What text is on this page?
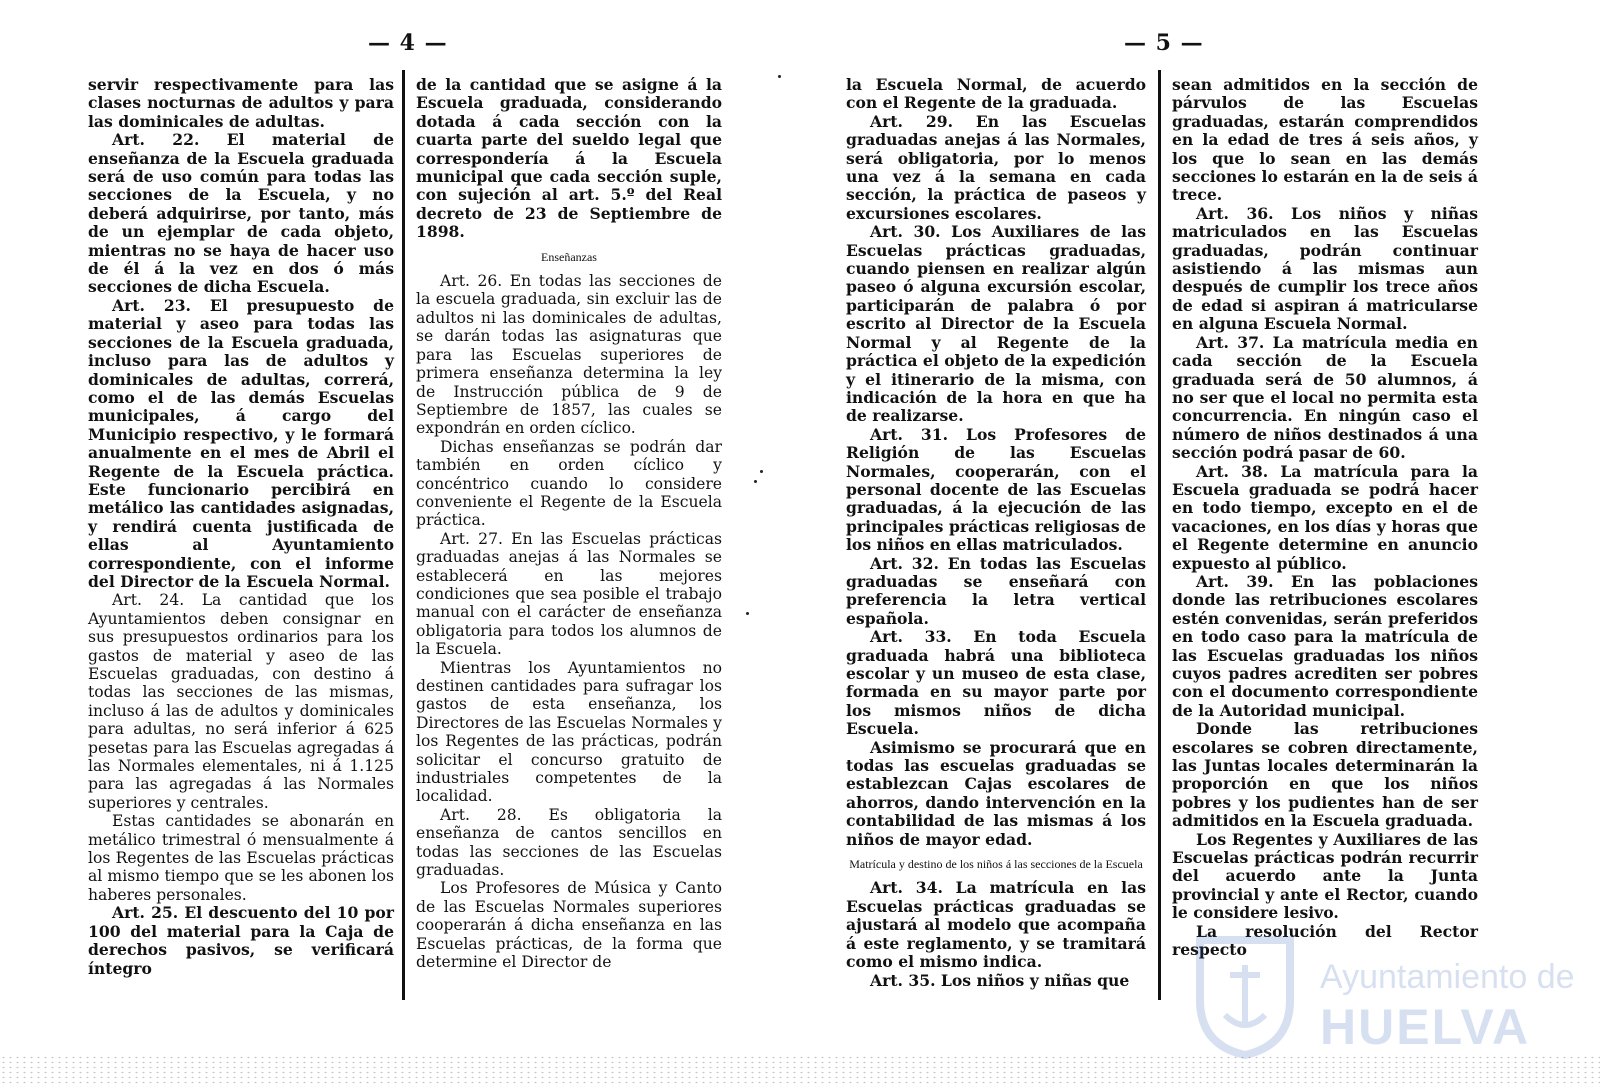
— 4 —	— 5 —

servir respectivamente para las clases nocturnas de adultos y para las dominicales de adultas.

Art. 22. El material de enseñanza de la Escuela graduada será de uso común para todas las secciones de la Escuela, y no deberá adquirirse, por tanto, más de un ejemplar de cada objeto, mientras no se haya de hacer uso de él á la vez en dos ó más secciones de dicha Escuela.

Art. 23. El presupuesto de material y aseo para todas las secciones de la Escuela graduada, incluso para las de adultos y dominicales de adultas, correrá, como el de las demás Escuelas municipales, á cargo del Municipio respectivo, y le formará anualmente en el mes de Abril el Regente de la Escuela práctica. Este funcionario percibirá en metálico las cantidades asignadas, y rendirá cuenta justificada de ellas al Ayuntamiento correspondiente, con el informe del Director de la Escuela Normal.

Art. 24. La cantidad que los Ayuntamientos deben consignar en sus presupuestos ordinarios para los gastos de material y aseo de las Escuelas graduadas, con destino á todas las secciones de las mismas, incluso á las de adultos y dominicales para adultas, no será inferior á 625 pesetas para las Escuelas agregadas á las Normales elementales, ni á 1.125 para las agregadas á las Normales superiores y centrales.

Estas cantidades se abonarán en metálico trimestral ó mensualmente á los Regentes de las Escuelas prácticas al mismo tiempo que se les abonen los haberes personales.

Art. 25. El descuento del 10 por 100 del material para la Caja de derechos pasivos, se verificará íntegro

de la cantidad que se asigne á la Escuela graduada, considerando dotada á cada sección con la cuarta parte del sueldo legal que correspondería á la Escuela municipal que cada sección suple, con sujeción al art. 5.º del Real decreto de 23 de Septiembre de 1898.

Enseñanzas

Art. 26. En todas las secciones de la escuela graduada, sin excluir las de adultos ni las dominicales de adultas, se darán todas las asignaturas que para las Escuelas superiores de primera enseñanza determina la ley de Instrucción pública de 9 de Septiembre de 1857, las cuales se expondrán en orden cíclico.

Dichas enseñanzas se podrán dar también en orden cíclico y concéntrico cuando lo considere conveniente el Regente de la Escuela práctica.

Art. 27. En las Escuelas prácticas graduadas anejas á las Normales se establecerá en las mejores condiciones que sea posible el trabajo manual con el carácter de enseñanza obligatoria para todos los alumnos de la Escuela.

Mientras los Ayuntamientos no destinen cantidades para sufragar los gastos de esta enseñanza, los Directores de las Escuelas Normales y los Regentes de las prácticas, podrán solicitar el concurso gratuito de industriales competentes de la localidad.

Art. 28. Es obligatoria la enseñanza de cantos sencillos en todas las secciones de las Escuelas graduadas.

Los Profesores de Música y Canto de las Escuelas Normales superiores cooperarán á dicha enseñanza en las Escuelas prácticas, de la forma que determine el Director de

la Escuela Normal, de acuerdo con el Regente de la graduada.

Art. 29. En las Escuelas graduadas anejas á las Normales, será obligatoria, por lo menos una vez á la semana en cada sección, la práctica de paseos y excursiones escolares.

Art. 30. Los Auxiliares de las Escuelas prácticas graduadas, cuando piensen en realizar algún paseo ó alguna excursión escolar, participarán de palabra ó por escrito al Director de la Escuela Normal y al Regente de la práctica el objeto de la expedición y el itinerario de la misma, con indicación de la hora en que ha de realizarse.

Art. 31. Los Profesores de Religión de las Escuelas Normales, cooperarán, con el personal docente de las Escuelas graduadas, á la ejecución de las principales prácticas religiosas de los niños en ellas matriculados.

Art. 32. En todas las Escuelas graduadas se enseñará con preferencia la letra vertical española.

Art. 33. En toda Escuela graduada habrá una biblioteca escolar y un museo de esta clase, formada en su mayor parte por los mismos niños de dicha Escuela.

Asimismo se procurará que en todas las escuelas graduadas se establezcan Cajas escolares de ahorros, dando intervención en la contabilidad de las mismas á los niños de mayor edad.

Matrícula y destino de los niños á las secciones de la Escuela

Art. 34. La matrícula en las Escuelas prácticas graduadas se ajustará al modelo que acompaña á este reglamento, y se tramitará como el mismo indica.

Art. 35. Los niños y niñas que

sean admitidos en la sección de párvulos de las Escuelas graduadas, estarán comprendidos en la edad de tres á seis años, y los que lo sean en las demás secciones lo estarán en la de seis á trece.

Art. 36. Los niños y niñas matriculados en las Escuelas graduadas, podrán continuar asistiendo á las mismas aun después de cumplir los trece años de edad si aspiran á matricularse en alguna Escuela Normal.

Art. 37. La matrícula media en cada sección de la Escuela graduada será de 50 alumnos, á no ser que el local no permita esta concurrencia. En ningún caso el número de niños destinados á una sección podrá pasar de 60.

Art. 38. La matrícula para la Escuela graduada se podrá hacer en todo tiempo, excepto en el de vacaciones, en los días y horas que el Regente determine en anuncio expuesto al público.

Art. 39. En las poblaciones donde las retribuciones escolares estén convenidas, serán preferidos en todo caso para la matrícula de las Escuelas graduadas los niños cuyos padres acrediten ser pobres con el documento correspondiente de la Autoridad municipal.

Donde las retribuciones escolares se cobren directamente, las Juntas locales determinarán la proporción en que los niños pobres y los pudientes han de ser admitidos en la Escuela graduada.

Los Regentes y Auxiliares de las Escuelas prácticas podrán recurrir del acuerdo ante la Junta provincial y ante el Rector, cuando le considere lesivo.

La resolución del Rector respecto

Ayuntamiento de
HUELVA
